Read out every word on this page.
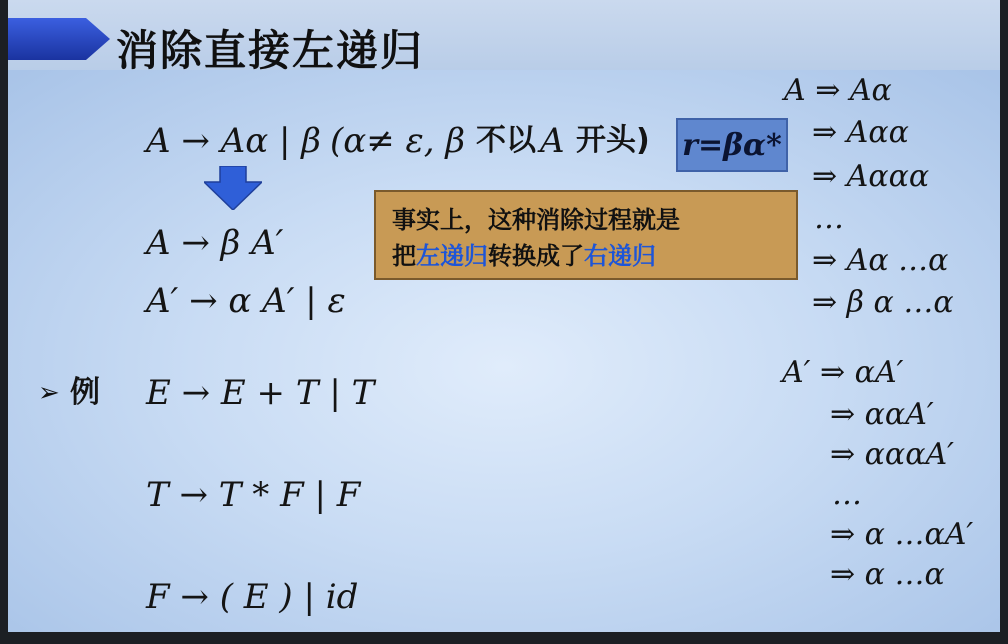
消除直接左递归
A → Aα | β (α≠ ε, β 不以 A 开头) r=βα*
事实上，这种消除过程就是
把左递归转换成了右递归
A → β A′
A′ → α A′ | ε
➢ 例 E → E + T | T
T → T * F | F
F → ( E ) | id
A ⇒ Aα
⇒ Aαα
⇒ Aααα
…
⇒ Aα …α
⇒ β α …α
A′ ⇒ αA′
⇒ ααA′
⇒ αααA′
…
⇒ α …αA′
⇒ α …α
